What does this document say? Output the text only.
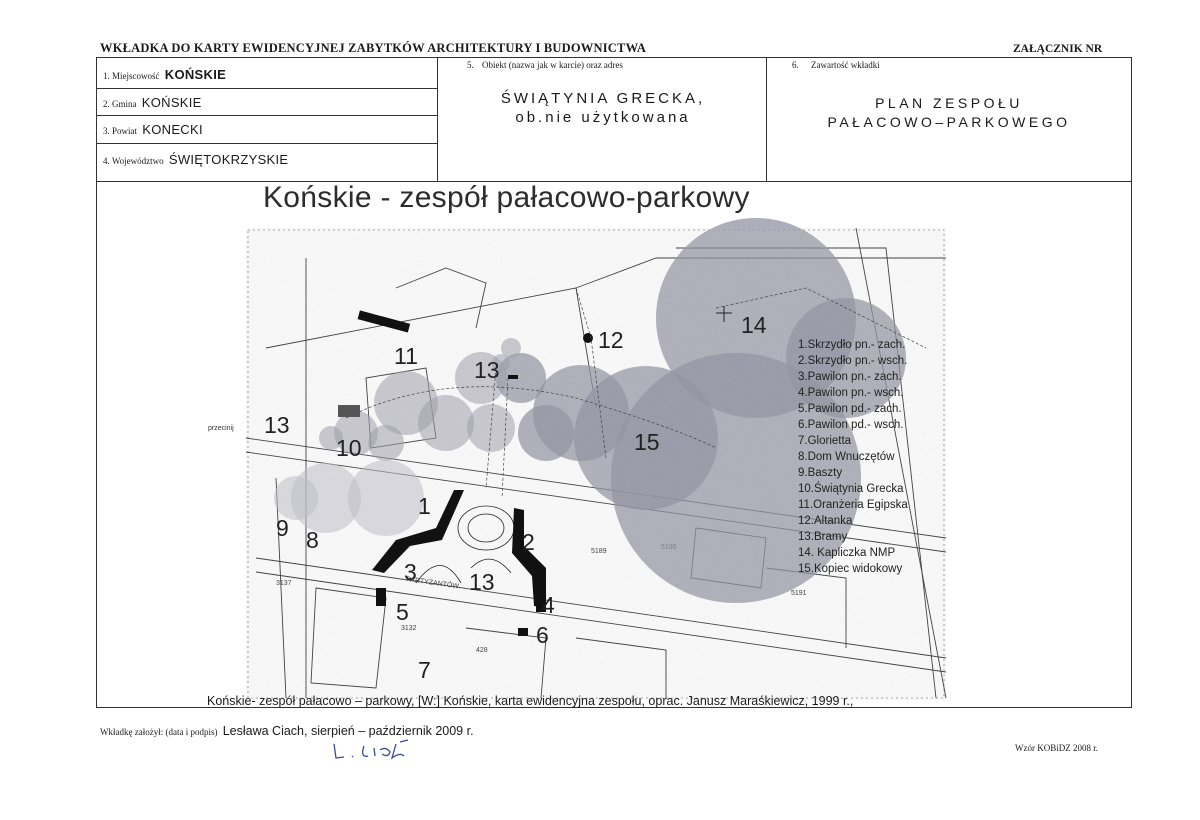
WKŁADKA DO KARTY EWIDENCYJNEJ ZABYTKÓW ARCHITEKTURY I BUDOWNICTWA	ZAŁĄCZNIK NR
1. Miejscowość KOŃSKIE
2. Gmina KOŃSKIE
3. Powiat KONECKI
4. Województwo ŚWIĘTOKRZYSKIE
5. Obiekt (nazwa jak w karcie) oraz adres
ŚWIĄTYNIA GRECKA,
ob.nie użytkowana
6. Zawartość wkładki
PLAN ZESPOŁU
PAŁACOWO–PARKOWEGO
Końskie - zespół pałacowo-parkowy
przecinij
14
12
11
13
13
10	15
1
2
3 13
4
5
6
7
8
9
1.Skrzydło pn.- zach.
2.Skrzydło pn.- wsch.
3.Pawilon pn.- zach.
4.Pawilon pn.- wsch.
5.Pawilon pd.- zach.
6.Pawilon pd.- wsch.
7.Glorietta
8.Dom Wnuczętów
9.Baszty
10.Świątynia Grecka
11.Oranżeria Egipska
12.Altanka
13.Bramy
14. Kapliczka NMP
15.Kopiec widokowy
Końskie- zespół pałacowo – parkowy, [W:] Końskie, karta ewidencyjna zespołu, oprac. Janusz Maraśkiewicz, 1999 r.,
Wkładkę założył: (data i podpis) Lesława Ciach, sierpień – październik 2009 r.
Wzór KOBiDZ 2008 r.
